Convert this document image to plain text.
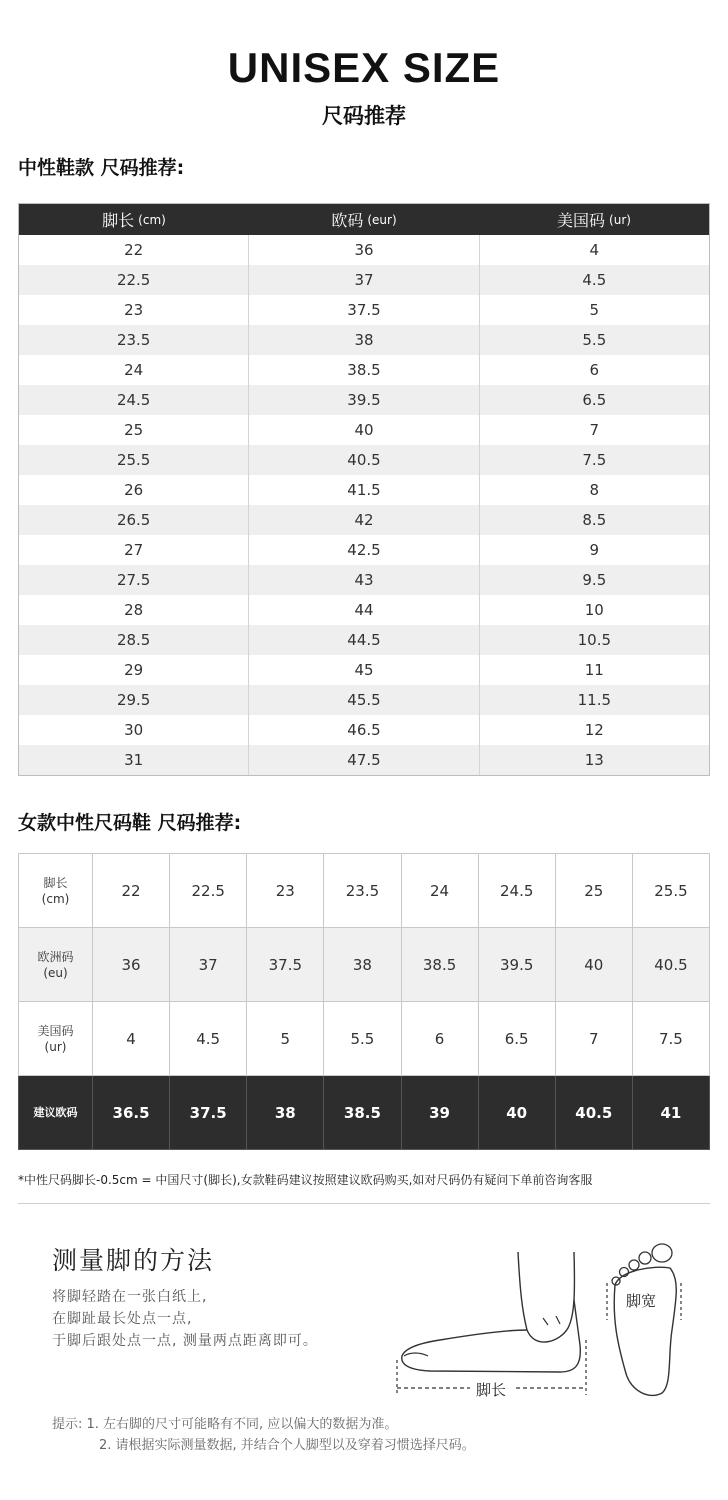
UNISEX SIZE
尺码推荐
中性鞋款 尺码推荐:
脚长 (cm)	欧码 (eur)	美国码 (ur)
22	36	4
22.5	37	4.5
23	37.5	5
23.5	38	5.5
24	38.5	6
24.5	39.5	6.5
25	40	7
25.5	40.5	7.5
26	41.5	8
26.5	42	8.5
27	42.5	9
27.5	43	9.5
28	44	10
28.5	44.5	10.5
29	45	11
29.5	45.5	11.5
30	46.5	12
31	47.5	13
女款中性尺码鞋 尺码推荐:
脚长
(cm)	22	22.5	23	23.5	24	24.5	25	25.5

欧洲码
(eu)	36	37	37.5	38	38.5	39.5	40	40.5

美国码
(ur)	4	4.5	5	5.5	6	6.5	7	7.5
建议欧码	36.5	37.5	38	38.5	39	40	40.5	41
*中性尺码脚长-0.5cm = 中国尺寸(脚长),女款鞋码建议按照建议欧码购买,如对尺码仍有疑问下单前咨询客服
测量脚的方法
将脚轻踏在一张白纸上,
在脚趾最长处点一点,
于脚后跟处点一点, 测量两点距离即可。
脚长
脚宽
提示: 1. 左右脚的尺寸可能略有不同, 应以偏大的数据为准。
2. 请根据实际测量数据, 并结合个人脚型以及穿着习惯选择尺码。
